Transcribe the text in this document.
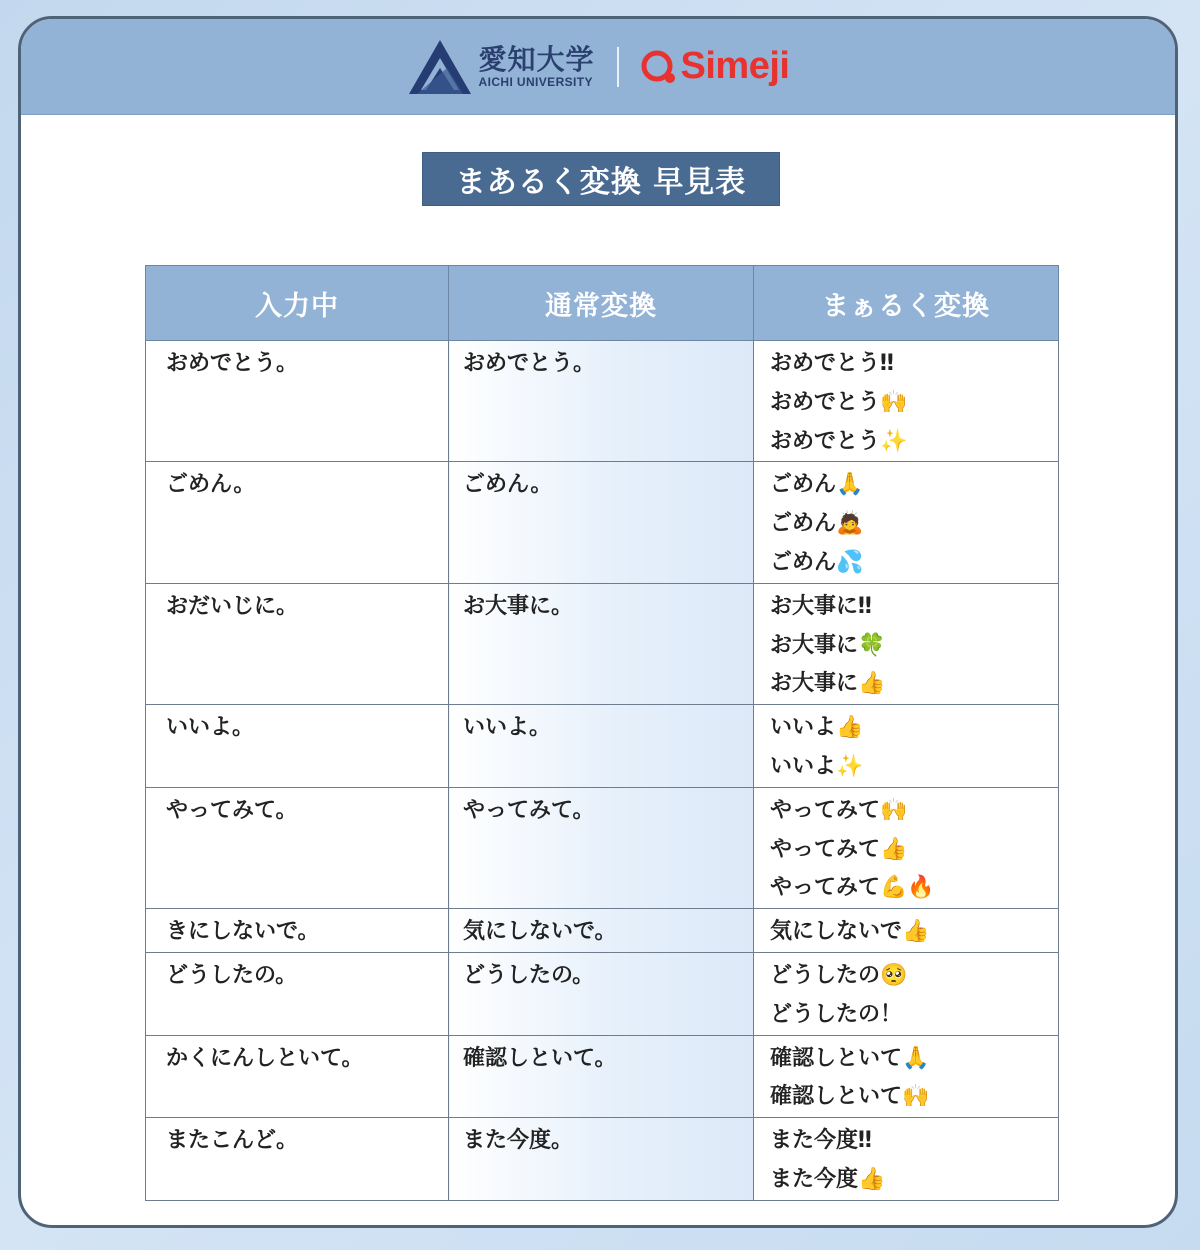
愛知大学
AICHI UNIVERSITY Simeji
まあるく変換 早見表
入力中	通常変換	まぁるく変換
おめでとう。	おめでとう。	おめでとう‼
おめでとう🙌
おめでとう✨

ごめん。	ごめん。	ごめん🙏
ごめん🙇
ごめん💦

おだいじに。	お大事に。	お大事に‼
お大事に🍀
お大事に👍

いいよ。	いいよ。	いいよ👍
いいよ✨

やってみて。	やってみて。	やってみて🙌
やってみて👍
やってみて💪🔥

きにしないで。	気にしないで。	気にしないで👍

どうしたの。	どうしたの。	どうしたの🥺
どうしたの！

かくにんしといて。	確認しといて。	確認しといて🙏
確認しといて🙌

またこんど。	また今度。	また今度‼
また今度👍
